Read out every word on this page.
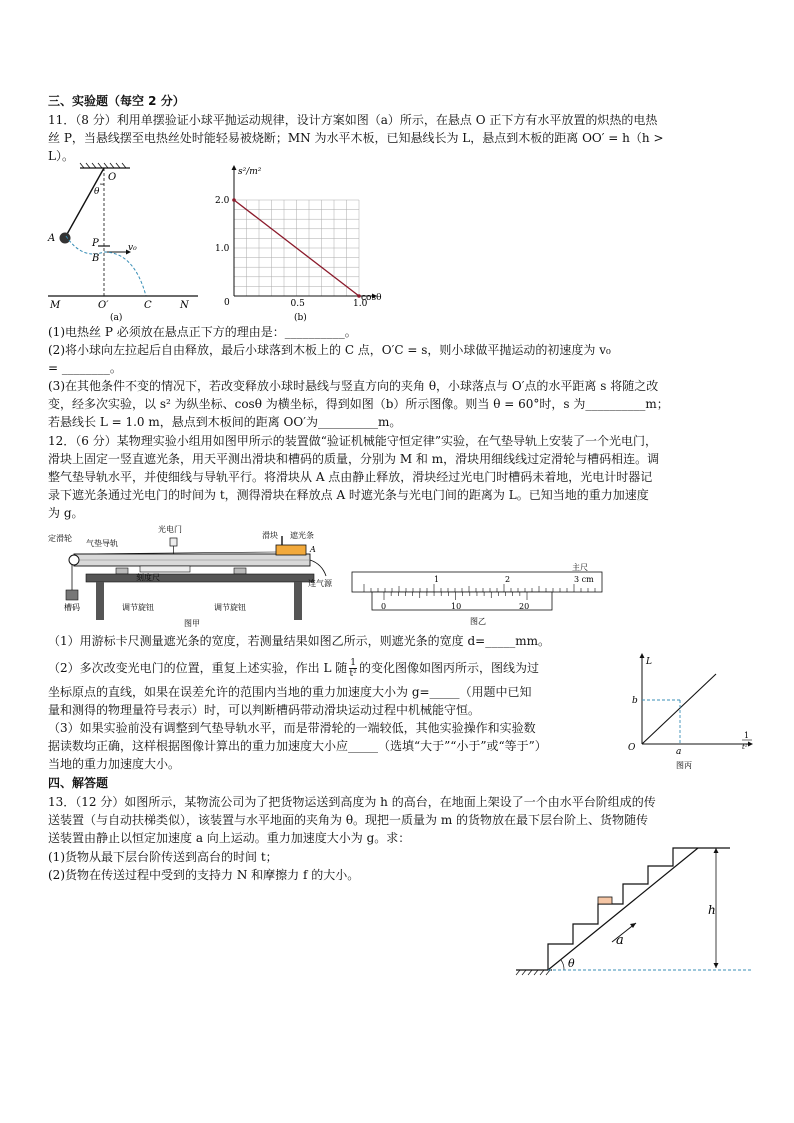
三、实验题（每空 2 分）
11．（8 分）利用单摆验证小球平抛运动规律，设计方案如图（a）所示，在悬点 O 正下方有水平放置的炽热的电热
丝 P，当悬线摆至电热丝处时能轻易被烧断；MN 为水平木板，已知悬线长为 L，悬点到木板的距离 OO′ = h（h >
L）。
O
θ
A	P
B
v₀
M	O′	C	N
(a)
0.5	1.0
1.0
2.0
s²/m²
cosθ
0
(b)
(1)电热丝 P 必须放在悬点正下方的理由是：__________。
(2)将小球向左拉起后自由释放，最后小球落到木板上的 C 点，O′C = s，则小球做平抛运动的初速度为 v₀
= ________。
(3)在其他条件不变的情况下，若改变释放小球时悬线与竖直方向的夹角 θ，小球落点与 O′点的水平距离 s 将随之改
变，经多次实验，以 s² 为纵坐标、cosθ 为横坐标，得到如图（b）所示图像。则当 θ = 60°时，s 为__________m；
若悬线长 L = 1.0 m，悬点到木板间的距离 OO′为__________m。
12．（6 分）某物理实验小组用如图甲所示的装置做“验证机械能守恒定律”实验，在气垫导轨上安装了一个光电门，
滑块上固定一竖直遮光条，用天平测出滑块和槽码的质量，分别为 M 和 m，滑块用细线线过定滑轮与槽码相连。调
整气垫导轨水平，并使细线与导轨平行。将滑块从 A 点由静止释放，滑块经过光电门时槽码未着地，光电计时器记
录下遮光条通过光电门的时间为 t，测得滑块在释放点 A 时遮光条与光电门间的距离为 L。已知当地的重力加速度
为 g。
定滑轮
气垫导轨
光电门
滑块 遮光条
A
刻度尺
连气源
槽码	调节旋钮	调节旋钮
图甲
主尺
1	2	3 cm
0	10	20
图乙
（1）用游标卡尺测量遮光条的宽度，若测量结果如图乙所示，则遮光条的宽度 d=_____mm。
（2）多次改变光电门的位置，重复上述实验，作出 L 随 $\frac{1}{\text{t²}}$ 的变化图像如图丙所示，图线为过
坐标原点的直线，如果在误差允许的范围内当地的重力加速度大小为 g=_____（用题中已知
量和测得的物理量符号表示）时，可以判断槽码带动滑块运动过程中机械能守恒。
（3）如果实验前没有调整到气垫导轨水平，而是带滑轮的一端较低，其他实验操作和实验数
据读数均正确，这样根据图像计算出的重力加速度大小应_____（选填“大于”“小于”或“等于”）
当地的重力加速度大小。
L
b
O	a
1
t²
图丙
四、解答题
13．（12 分）如图所示，某物流公司为了把货物运送到高度为 h 的高台，在地面上架设了一个由水平台阶组成的传
送装置（与自动扶梯类似），该装置与水平地面的夹角为 θ。现把一质量为 m 的货物放在最下层台阶上、货物随传
送装置由静止以恒定加速度 a 向上运动。重力加速度大小为 g。求：
(1)货物从最下层台阶传送到高台的时间 t；
(2)货物在传送过程中受到的支持力 N 和摩擦力 f 的大小。
h
a
θ
